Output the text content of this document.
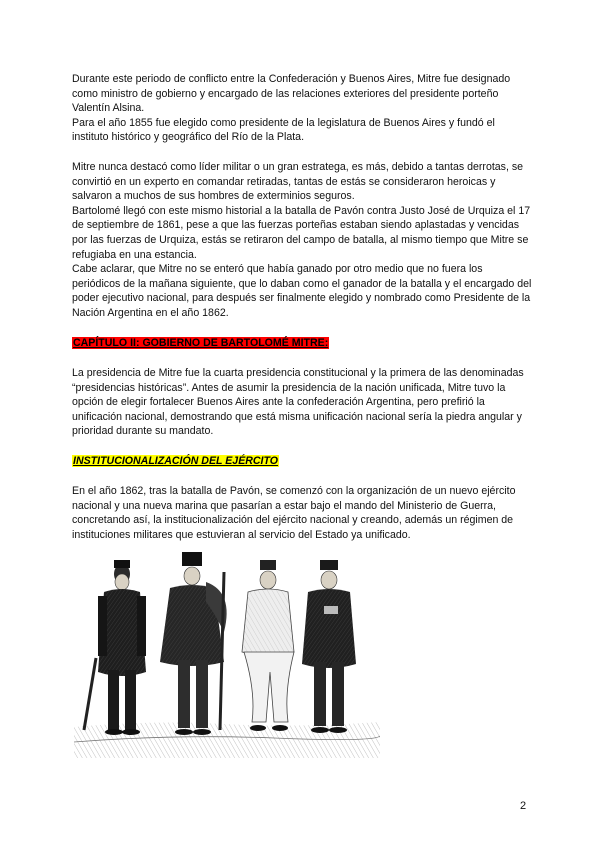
Durante este periodo de conflicto entre la Confederación y Buenos Aires, Mitre fue designado como ministro de gobierno y encargado de las relaciones exteriores del presidente porteño Valentín Alsina.

Para el año 1855 fue elegido como presidente de la legislatura de Buenos Aires y fundó el instituto histórico y geográfico del Río de la Plata.

Mitre nunca destacó como líder militar o un gran estratega, es más, debido a tantas derrotas, se convirtió en un experto en comandar retiradas, tantas de estás se consideraron heroicas y salvaron a muchos de sus hombres de exterminios seguros.

Bartolomé llegó con este mismo historial a la batalla de Pavón contra Justo José de Urquiza el 17 de septiembre de 1861, pese a que las fuerzas porteñas estaban siendo aplastadas y vencidas por las fuerzas de Urquiza, estás se retiraron del campo de batalla, al mismo tiempo que Mitre se refugiaba en una estancia.

Cabe aclarar, que Mitre no se enteró que había ganado por otro medio que no fuera los periódicos de la mañana siguiente, que lo daban como el ganador de la batalla y el encargado del poder ejecutivo nacional, para después ser finalmente elegido y nombrado como Presidente de la Nación Argentina en el año 1862.

CAPÍTULO II: GOBIERNO DE BARTOLOMÉ MITRE:

La presidencia de Mitre fue la cuarta presidencia constitucional y la primera de las denominadas “presidencias históricas”. Antes de asumir la presidencia de la nación unificada, Mitre tuvo la opción de elegir fortalecer Buenos Aires ante la confederación Argentina, pero prefirió la unificación nacional, demostrando que está misma unificación nacional sería la piedra angular y prioridad durante su mandato.

INSTITUCIONALIZACIÓN DEL EJÉRCITO

En el año 1862, tras la batalla de Pavón, se comenzó con la organización de un nuevo ejército nacional y una nueva marina que pasarían a estar bajo el mando del Ministerio de Guerra, concretando así, la institucionalización del ejército nacional y creando, además un régimen de instituciones militares que estuvieran al servicio del Estado ya unificado.

2
